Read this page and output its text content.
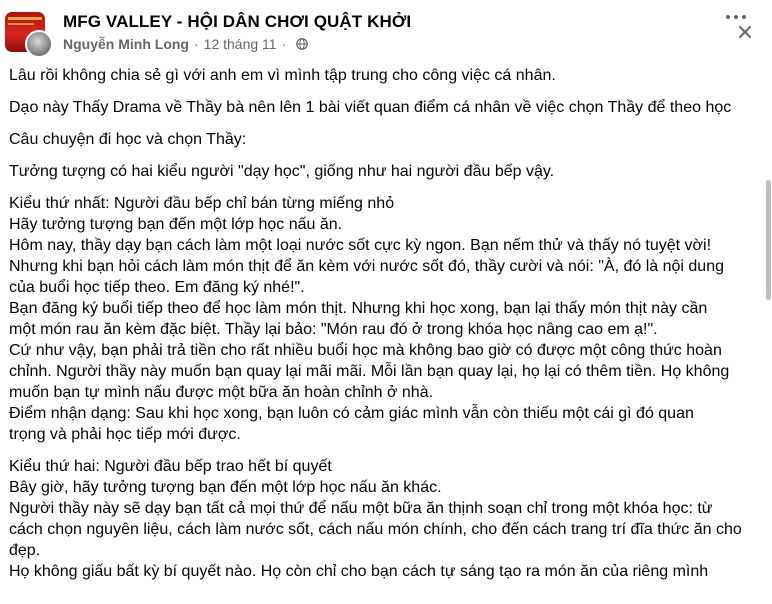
MFG VALLEY - HỘI DÂN CHƠI QUẬT KHỞI
Nguyễn Minh Long · 12 tháng 11 ·

Lâu rồi không chia sẻ gì với anh em vì mình tập trung cho công việc cá nhân.

Dạo này Thấy Drama về Thầy bà nên lên 1 bài viết quan điểm cá nhân về việc chọn Thầy để theo học

Câu chuyện đi học và chọn Thầy:

Tưởng tượng có hai kiểu người "dạy học", giống như hai người đầu bếp vậy.

Kiểu thứ nhất: Người đầu bếp chỉ bán từng miếng nhỏ
Hãy tưởng tượng bạn đến một lớp học nấu ăn.
Hôm nay, thầy dạy bạn cách làm một loại nước sốt cực kỳ ngon. Bạn nếm thử và thấy nó tuyệt vời!
Nhưng khi bạn hỏi cách làm món thịt để ăn kèm với nước sốt đó, thầy cười và nói: "À, đó là nội dung
của buổi học tiếp theo. Em đăng ký nhé!".
Bạn đăng ký buổi tiếp theo để học làm món thịt. Nhưng khi học xong, bạn lại thấy món thịt này cần
một món rau ăn kèm đặc biệt. Thầy lại bảo: "Món rau đó ở trong khóa học nâng cao em ạ!".
Cứ như vậy, bạn phải trả tiền cho rất nhiều buổi học mà không bao giờ có được một công thức hoàn
chỉnh. Người thầy này muốn bạn quay lại mãi mãi. Mỗi lần bạn quay lại, họ lại có thêm tiền. Họ không
muốn bạn tự mình nấu được một bữa ăn hoàn chỉnh ở nhà.
Điểm nhận dạng: Sau khi học xong, bạn luôn có cảm giác mình vẫn còn thiếu một cái gì đó quan
trọng và phải học tiếp mới được.

Kiểu thứ hai: Người đầu bếp trao hết bí quyết
Bây giờ, hãy tưởng tượng bạn đến một lớp học nấu ăn khác.
Người thầy này sẽ dạy bạn tất cả mọi thứ để nấu một bữa ăn thịnh soạn chỉ trong một khóa học: từ
cách chọn nguyên liệu, cách làm nước sốt, cách nấu món chính, cho đến cách trang trí đĩa thức ăn cho
đẹp.
Họ không giấu bất kỳ bí quyết nào. Họ còn chỉ cho bạn cách tự sáng tạo ra món ăn của riêng mình
